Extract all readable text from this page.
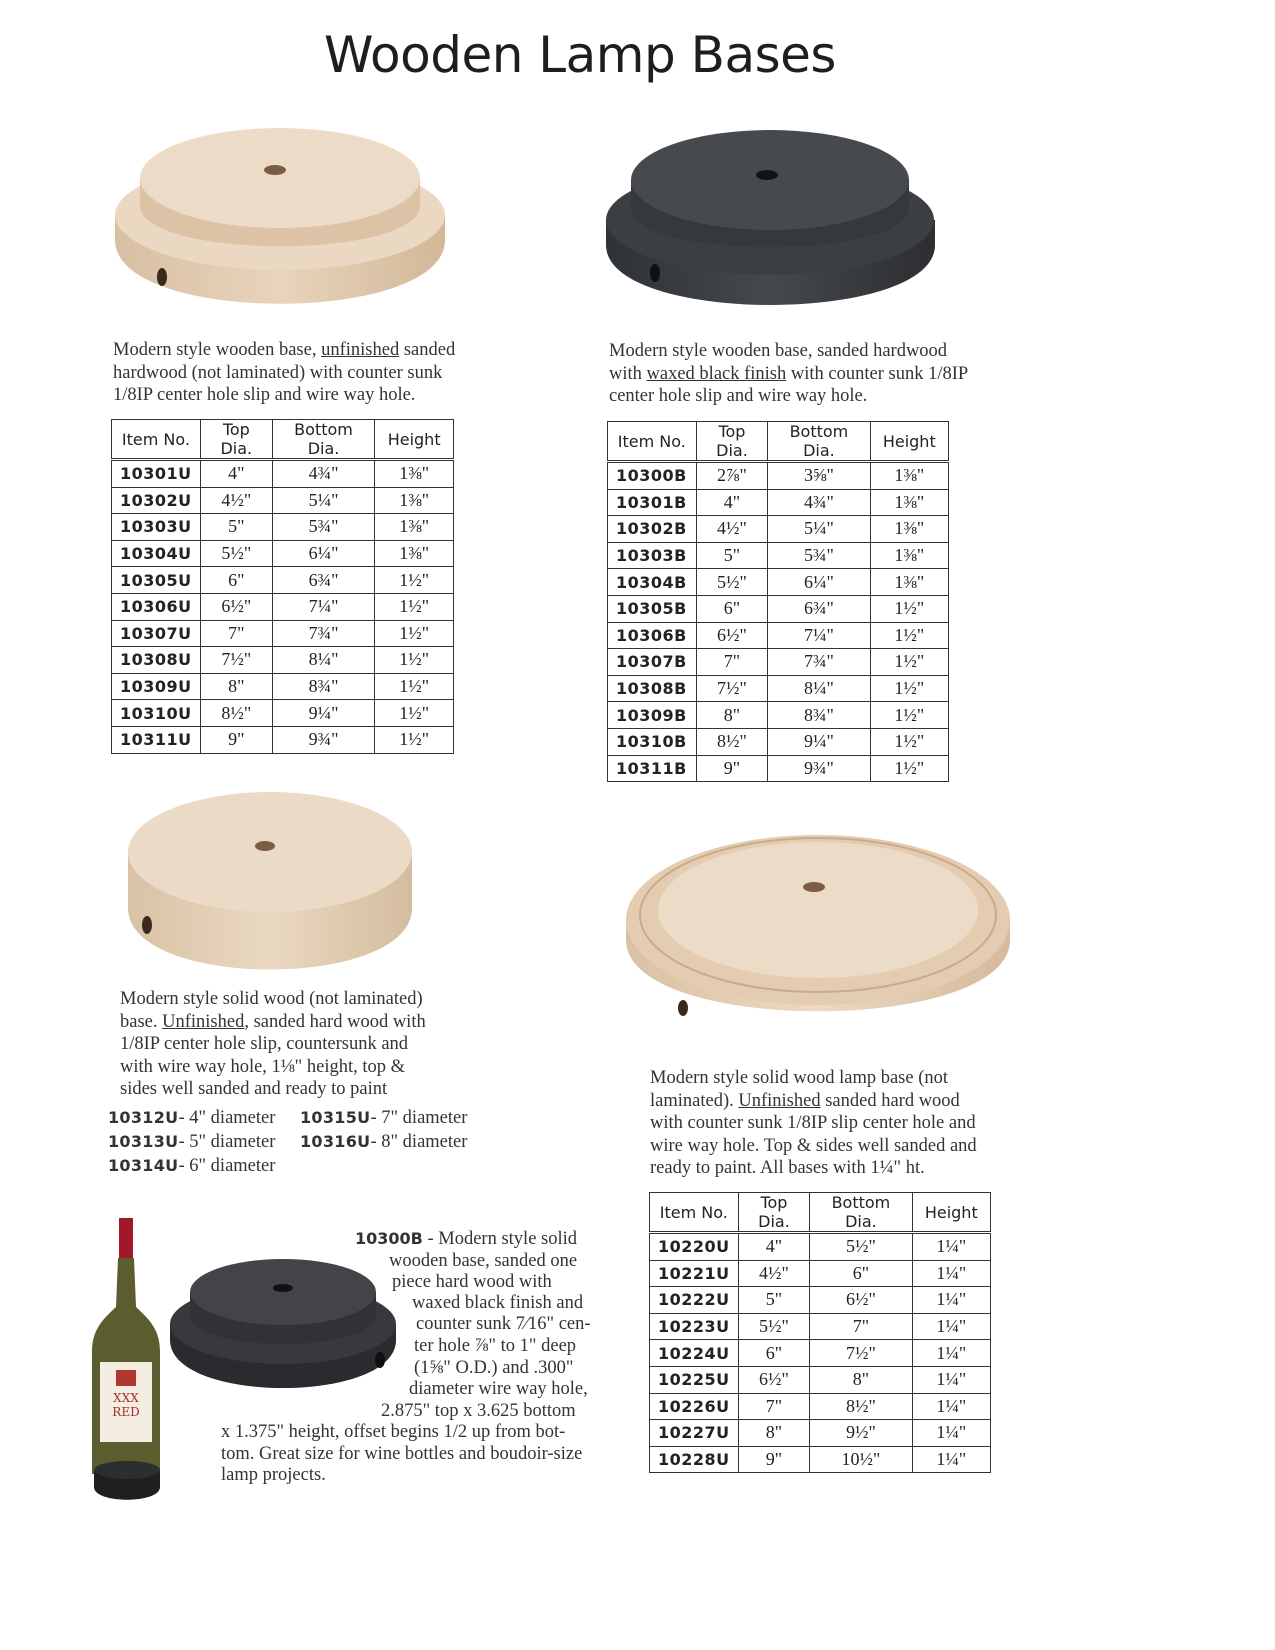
Wooden Lamp Bases
Modern style wooden base, unfinished sanded hardwood (not laminated) with counter sunk 1/8IP center hole slip and wire way hole.
Modern style wooden base, sanded hardwood with waxed black finish with counter sunk 1/8IP center hole slip and wire way hole.
Item No.	Top Dia.	Bottom Dia.	Height
10301U	4"	4¾"	1⅜"
10302U	4½"	5¼"	1⅜"
10303U	5"	5¾"	1⅜"
10304U	5½"	6¼"	1⅜"
10305U	6"	6¾"	1½"
10306U	6½"	7¼"	1½"
10307U	7"	7¾"	1½"
10308U	7½"	8¼"	1½"
10309U	8"	8¾"	1½"
10310U	8½"	9¼"	1½"
10311U	9"	9¾"	1½"
Item No.	Top Dia.	Bottom Dia.	Height
10300B	2⅞"	3⅝"	1⅜"
10301B	4"	4¾"	1⅜"
10302B	4½"	5¼"	1⅜"
10303B	5"	5¾"	1⅜"
10304B	5½"	6¼"	1⅜"
10305B	6"	6¾"	1½"
10306B	6½"	7¼"	1½"
10307B	7"	7¾"	1½"
10308B	7½"	8¼"	1½"
10309B	8"	8¾"	1½"
10310B	8½"	9¼"	1½"
10311B	9"	9¾"	1½"
Modern style solid wood (not laminated) base. Unfinished, sanded hard wood with 1/8IP center hole slip, countersunk and with wire way hole, 1⅛" height, top & sides well sanded and ready to paint
10312U- 4" diameter
10313U- 5" diameter
10314U- 6" diameter
10315U- 7" diameter
10316U- 8" diameter
XXX
RED
10300B - Modern style solid
wooden base, sanded one
piece hard wood with
waxed black finish and
counter sunk 7⁄16" cen-
ter hole ⅞" to 1" deep
(1⅝" O.D.) and .300"
diameter wire way hole,
2.875" top x 3.625 bottom
x 1.375" height, offset begins 1/2 up from bot-
tom. Great size for wine bottles and boudoir-size
lamp projects.
Modern style solid wood lamp base (not laminated). Unfinished sanded hard wood with counter sunk 1/8IP slip center hole and wire way hole. Top & sides well sanded and ready to paint. All bases with 1¼" ht.
Item No.	Top Dia.	Bottom Dia.	Height
10220U	4"	5½"	1¼"
10221U	4½"	6"	1¼"
10222U	5"	6½"	1¼"
10223U	5½"	7"	1¼"
10224U	6"	7½"	1¼"
10225U	6½"	8"	1¼"
10226U	7"	8½"	1¼"
10227U	8"	9½"	1¼"
10228U	9"	10½"	1¼"
